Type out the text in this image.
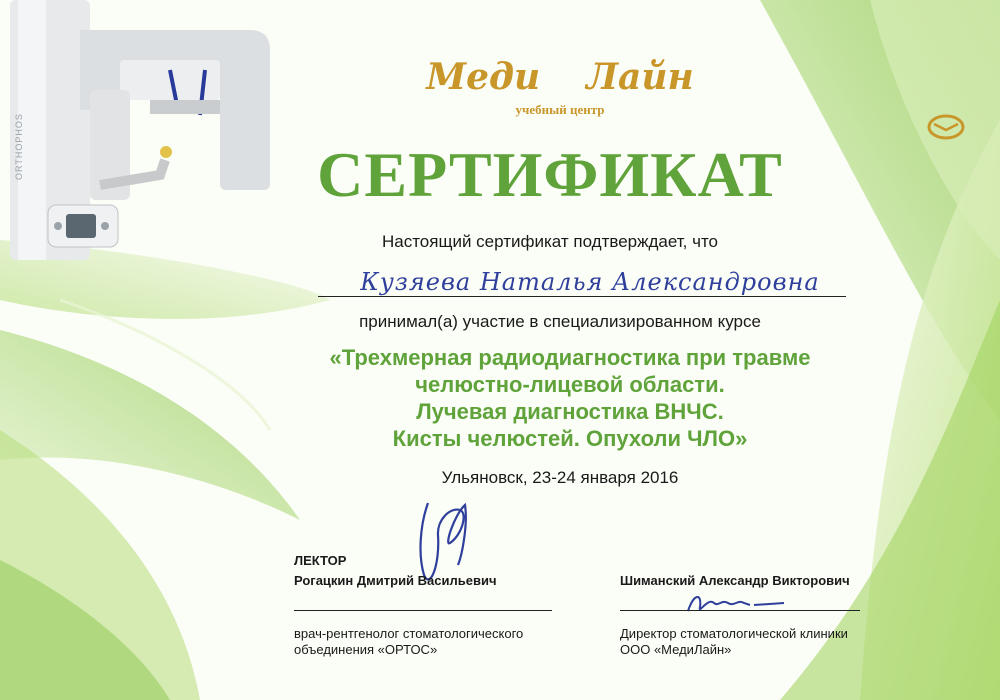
ORTHOPHOS
Меди Лайн
учебный центр
СЕРТИФИКАТ
Настоящий сертификат подтверждает, что
Кузяева Наталья Александровна
принимал(а) участие в специализированном курсе
«Трехмерная радиодиагностика при травме
челюстно-лицевой области.
Лучевая диагностика ВНЧС.
Кисты челюстей. Опухоли ЧЛО»
Ульяновск, 23-24 января 2016
ЛЕКТОР
Рогацкин Дмитрий Васильевич
врач-рентгенолог стоматологического
объединения «ОРТОС»
Шиманский Александр Викторович
Директор стоматологической клиники
ООО «МедиЛайн»
